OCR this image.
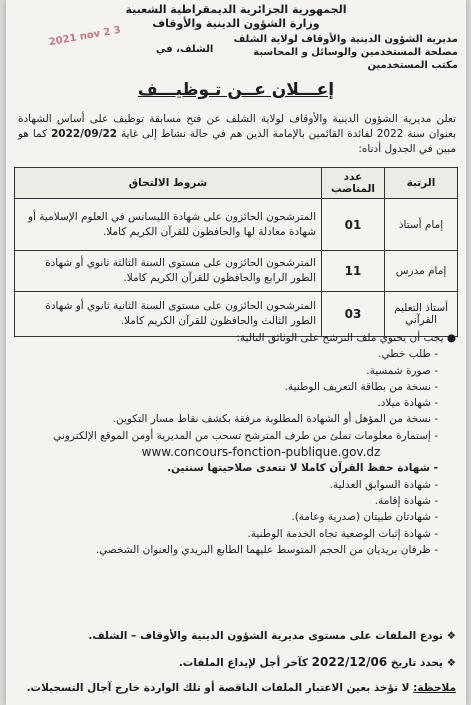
الجمهورية الجزائرية الديمقراطية الشعبية
وزارة الشؤون الدينية والأوقاف
2021 nov 2 3	مديرية الشؤون الدينية والأوقاف لولاية الشلف
مصلحة المستخدمين والوسائل و المحاسبة
مكتب المستخدمين
الشلف، في
إعـــلان عــن تـوظيـــف
تعلن مديرية الشؤون الدينية والأوقاف لولاية الشلف عن فتح مسابقة توظيف على أساس الشهادة بعنوان سنة 2022 لفائدة القائمين بالإمامة الذين هم في حالة نشاط إلى غاية 2022/09/22 كما هو مبين في الجدول أدناه:
الرتبة	عدد المناصب	شروط الالتحاق
إمام أستاذ	01	المترشحون الحائزون على شهادة الليسانس في العلوم الإسلامية أو شهادة معادلة لها والحافظون للقرآن الكريم كاملا.
إمام مدرس	11	المترشحون الحائزون على مستوى السنة الثالثة ثانوي أو شهادة الطور الرابع والحافظون للقرآن الكريم كاملا.
أستاذ التعليم القرآني	03	المترشحون الحائزون على مستوى السنة الثانية ثانوي أو شهادة الطور الثالث والحافظون للقرآن الكريم كاملا.
● يجب أن يحتوي ملف الترشح على الوثائق التالية:
- طلب خطي.
- صورة شمسية.
- نسخة من بطاقة التعريف الوطنية.
- شهادة ميلاد.
- نسخة من المؤهل أو الشهادة المطلوبة مرفقة بكشف نقاط مسار التكوين.
- إستمارة معلومات تملئ من طرف المترشح تسحب من المديرية أومن الموقع الإلكتروني
www.concours-fonction-publique.gov.dz
- شهادة حفظ القرآن كاملا لا تتعدى صلاحيتها سنتين.
- شهادة السوابق العدلية.
- شهادة إقامة.
- شهادتان طبيتان (صدرية وعامة).
- شهادة إثبات الوضعية تجاه الخدمة الوطنية.
- ظرفان بريديان من الحجم المتوسط عليهما الطابع البريدي والعنوان الشخصي.
❖ تودع الملفات على مستوى مديرية الشؤون الدينية والأوقاف – الشلف.
❖ يحدد تاريخ 2022/12/06 كآخر أجل لإيداع الملفات.
ملاحظة: لا تؤخذ بعين الاعتبار الملفات الناقصة أو تلك الواردة خارج آجال التسجيلات.
